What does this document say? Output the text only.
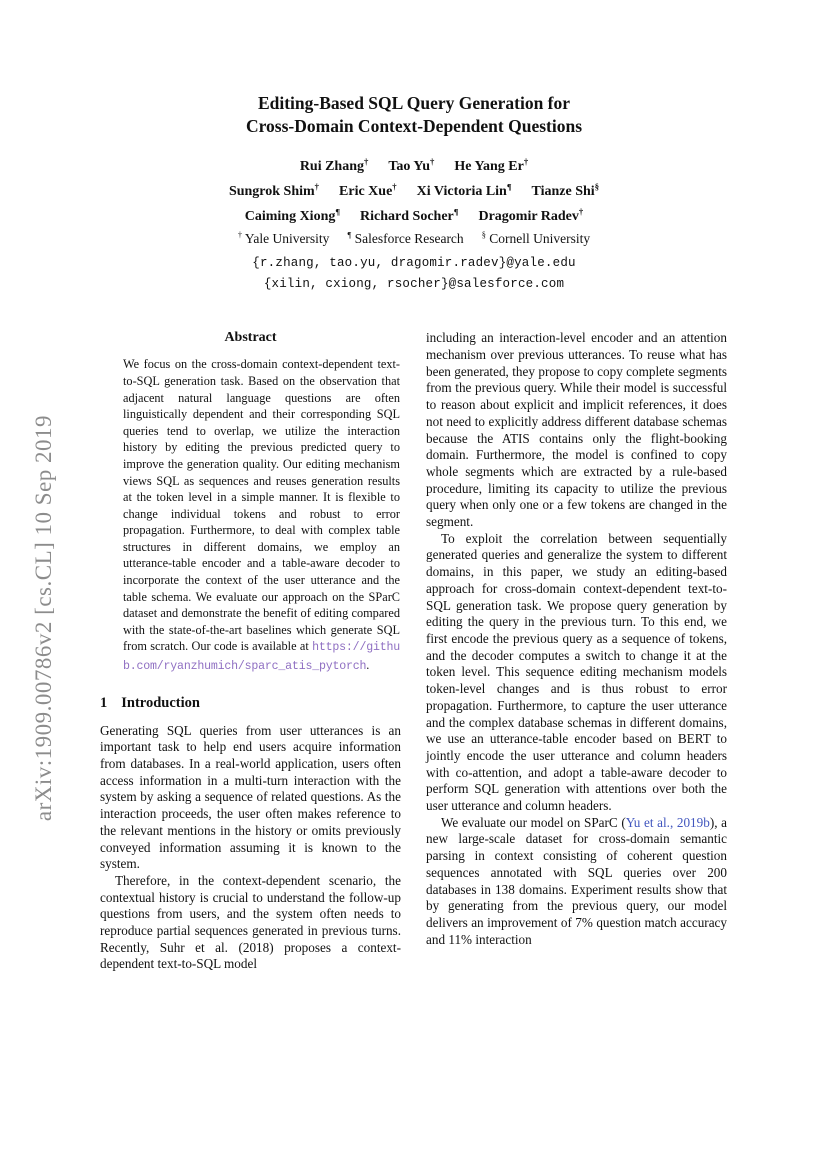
arXiv:1909.00786v2 [cs.CL] 10 Sep 2019
Editing-Based SQL Query Generation for
Cross-Domain Context-Dependent Questions
Rui Zhang† Tao Yu† He Yang Er†
Sungrok Shim† Eric Xue† Xi Victoria Lin¶ Tianze Shi§
Caiming Xiong¶ Richard Socher¶ Dragomir Radev†
† Yale University ¶ Salesforce Research § Cornell University
{r.zhang, tao.yu, dragomir.radev}@yale.edu
{xilin, cxiong, rsocher}@salesforce.com
Abstract

We focus on the cross-domain context-dependent text-to-SQL generation task. Based on the observation that adjacent natural language questions are often linguistically dependent and their corresponding SQL queries tend to overlap, we utilize the interaction history by editing the previous predicted query to improve the generation quality. Our editing mechanism views SQL as sequences and reuses generation results at the token level in a simple manner. It is flexible to change individual tokens and robust to error propagation. Furthermore, to deal with complex table structures in different domains, we employ an utterance-table encoder and a table-aware decoder to incorporate the context of the user utterance and the table schema. We evaluate our approach on the SParC dataset and demonstrate the benefit of editing compared with the state-of-the-art baselines which generate SQL from scratch. Our code is available at https://github.com/ryanzhumich/sparc_atis_pytorch.

1 Introduction

Generating SQL queries from user utterances is an important task to help end users acquire information from databases. In a real-world application, users often access information in a multi-turn interaction with the system by asking a sequence of related questions. As the interaction proceeds, the user often makes reference to the relevant mentions in the history or omits previously conveyed information assuming it is known to the system.

Therefore, in the context-dependent scenario, the contextual history is crucial to understand the follow-up questions from users, and the system often needs to reproduce partial sequences generated in previous turns. Recently, Suhr et al. (2018) proposes a context-dependent text-to-SQL model

including an interaction-level encoder and an attention mechanism over previous utterances. To reuse what has been generated, they propose to copy complete segments from the previous query. While their model is successful to reason about explicit and implicit references, it does not need to explicitly address different database schemas because the ATIS contains only the flight-booking domain. Furthermore, the model is confined to copy whole segments which are extracted by a rule-based procedure, limiting its capacity to utilize the previous query when only one or a few tokens are changed in the segment.

To exploit the correlation between sequentially generated queries and generalize the system to different domains, in this paper, we study an editing-based approach for cross-domain context-dependent text-to-SQL generation task. We propose query generation by editing the query in the previous turn. To this end, we first encode the previous query as a sequence of tokens, and the decoder computes a switch to change it at the token level. This sequence editing mechanism models token-level changes and is thus robust to error propagation. Furthermore, to capture the user utterance and the complex database schemas in different domains, we use an utterance-table encoder based on BERT to jointly encode the user utterance and column headers with co-attention, and adopt a table-aware decoder to perform SQL generation with attentions over both the user utterance and column headers.

We evaluate our model on SParC (Yu et al., 2019b), a new large-scale dataset for cross-domain semantic parsing in context consisting of coherent question sequences annotated with SQL queries over 200 databases in 138 domains. Experiment results show that by generating from the previous query, our model delivers an improvement of 7% question match accuracy and 11% interaction
